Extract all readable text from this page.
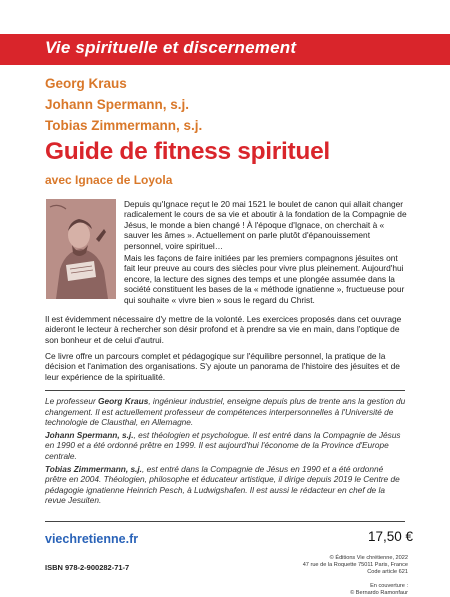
Vie spirituelle et discernement
Georg Kraus
Johann Spermann, s.j.
Tobias Zimmermann, s.j.
Guide de fitness spirituel
avec Ignace de Loyola

Depuis qu'Ignace reçut le 20 mai 1521 le boulet de canon qui allait changer radicalement le cours de sa vie et aboutir à la fondation de la Compagnie de Jésus, le monde a bien changé ! À l'époque d'Ignace, on cherchait à « sauver les âmes ». Actuellement on parle plutôt d'épanouissement personnel, voire spirituel…

Mais les façons de faire initiées par les premiers compagnons jésuites ont fait leur preuve au cours des siècles pour vivre plus pleinement. Aujourd'hui encore, la lecture des signes des temps et une plongée assumée dans la société constituent les bases de la « méthode ignatienne », fructueuse pour qui souhaite « vivre bien » sous le regard du Christ.

Il est évidemment nécessaire d'y mettre de la volonté. Les exercices proposés dans cet ouvrage aideront le lecteur à rechercher son désir profond et à prendre sa vie en main, dans l'optique de son bonheur et de celui d'autrui.

Ce livre offre un parcours complet et pédagogique sur l'équilibre personnel, la pratique de la décision et l'animation des organisations. S'y ajoute un panorama de l'histoire des jésuites et de leur expérience de la spiritualité.

Le professeur Georg Kraus, ingénieur industriel, enseigne depuis plus de trente ans la gestion du changement. Il est actuellement professeur de compétences interpersonnelles à l'Université de technologie de Clausthal, en Allemagne.

Johann Spermann, s.j., est théologien et psychologue. Il est entré dans la Compagnie de Jésus en 1990 et a été ordonné prêtre en 1999. Il est aujourd'hui l'économe de la Province d'Europe centrale.

Tobias Zimmermann, s.j., est entré dans la Compagnie de Jésus en 1990 et a été ordonné prêtre en 2004. Théologien, philosophe et éducateur artistique, il dirige depuis 2019 le Centre de pédagogie ignatienne Heinrich Pesch, à Ludwigshafen. Il est aussi le rédacteur en chef de la revue Jesuiten.

viechretienne.fr	17,50 €
ISBN 978-2-900282-71-7
© Éditions Vie chrétienne, 2022
47 rue de la Roquette 75011 Paris, France
Code article 621
En couverture :
© Bernardo Ramonfaur
